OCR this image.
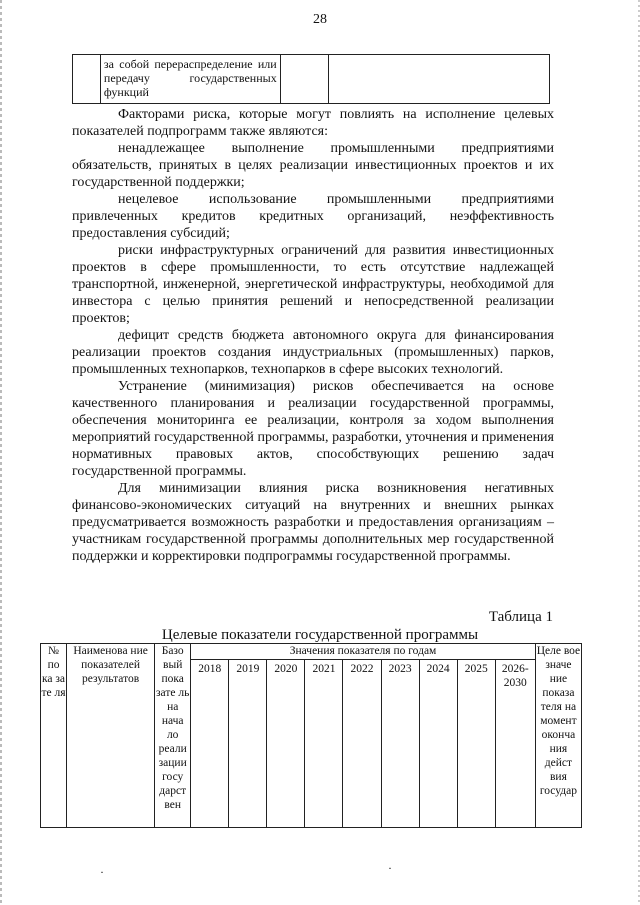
28
	за собой перераспределение или передачу государственных функций		

Факторами риска, которые могут повлиять на исполнение целевых показателей подпрограмм также являются:

ненадлежащее выполнение промышленными предприятиями обязательств, принятых в целях реализации инвестиционных проектов и их государственной поддержки;

нецелевое использование промышленными предприятиями привлеченных кредитов кредитных организаций, неэффективность предоставления субсидий;

риски инфраструктурных ограничений для развития инвестиционных проектов в сфере промышленности, то есть отсутствие надлежащей транспортной, инженерной, энергетической инфраструктуры, необходимой для инвестора с целью принятия решений и непосредственной реализации проектов;

дефицит средств бюджета автономного округа для финансирования реализации проектов создания индустриальных (промышленных) парков, промышленных технопарков, технопарков в сфере высоких технологий.

Устранение (минимизация) рисков обеспечивается на основе качественного планирования и реализации государственной программы, обеспечения мониторинга ее реализации, контроля за ходом выполнения мероприятий государственной программы, разработки, уточнения и применения нормативных правовых актов, способствующих решению задач государственной программы.

Для минимизации влияния риска возникновения негативных финансово-экономических ситуаций на внутренних и внешних рынках предусматривается возможность разработки и предоставления организациям – участникам государственной программы дополнительных мер государственной поддержки и корректировки подпрограммы государственной программы.

Таблица 1
Целевые показатели государственной программы
№ по ка за те ля	Наименова ние показателей результатов	Базо вый пока зате ль на нача ло реали зации госу дарст вен	Значения показателя по годам									Целе вое значе ние показа теля на момент оконча ния дейст вия государ
			2018	2019	2020	2021	2022	2023	2024	2025	2026-2030	
·	·
